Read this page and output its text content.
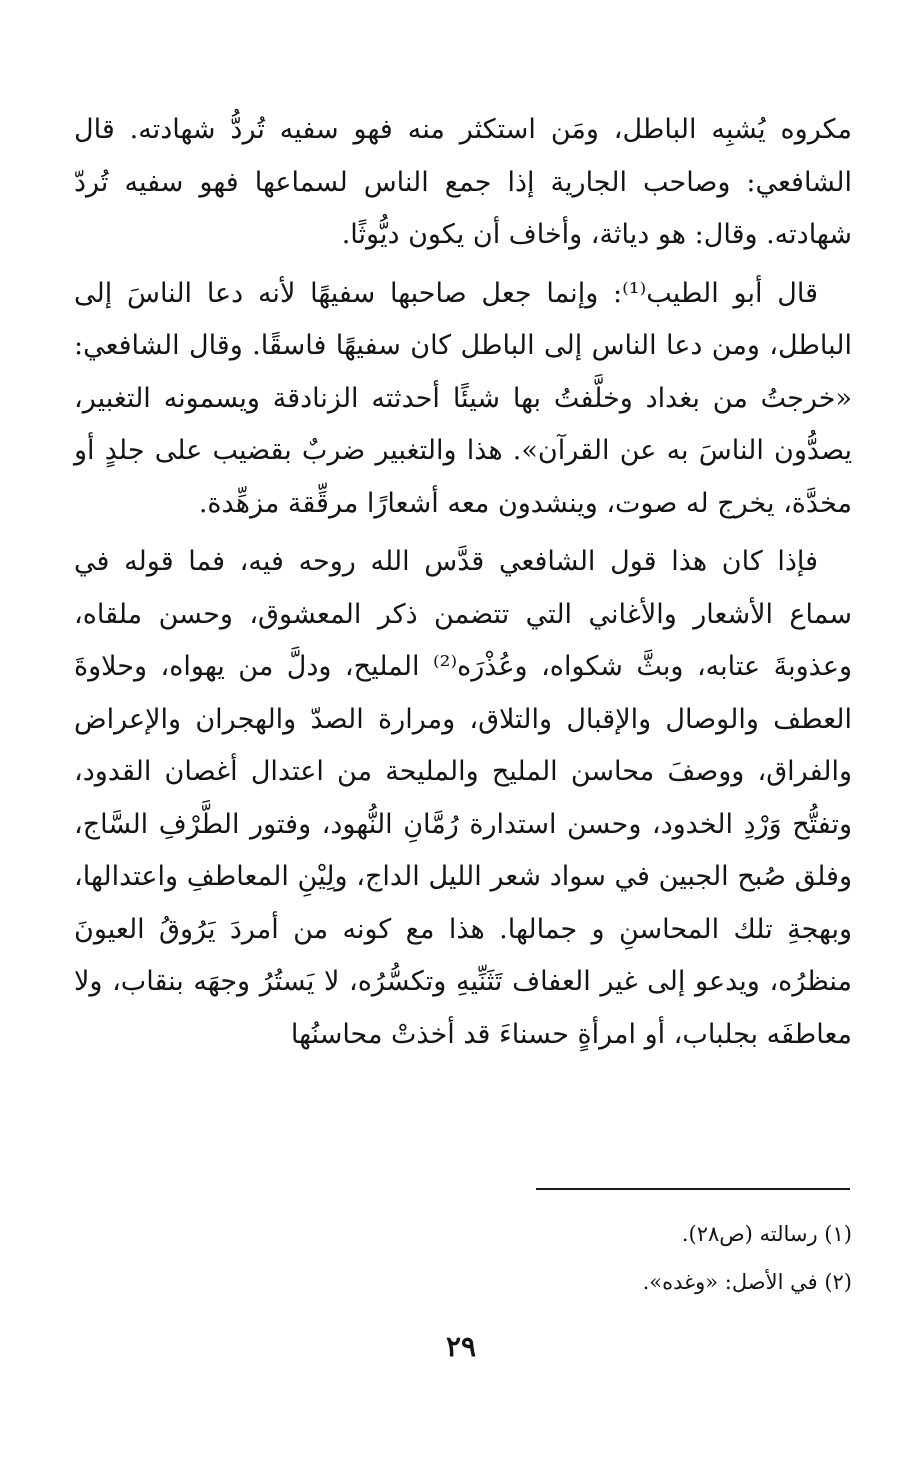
مكروه يُشبِه الباطل، ومَن استكثر منه فهو سفيه تُردُّ شهادته. قال الشافعي: وصاحب الجارية إذا جمع الناس لسماعها فهو سفيه تُردّ شهادته. وقال: هو دياثة، وأخاف أن يكون ديُّوثًا.

قال أبو الطيب⁽¹⁾: وإنما جعل صاحبها سفيهًا لأنه دعا الناسَ إلى الباطل، ومن دعا الناس إلى الباطل كان سفيهًا فاسقًا. وقال الشافعي: «خرجتُ من بغداد وخلَّفتُ بها شيئًا أحدثته الزنادقة ويسمونه التغبير، يصدُّون الناسَ به عن القرآن». هذا والتغبير ضربٌ بقضيب على جلدٍ أو مخدَّة، يخرج له صوت، وينشدون معه أشعارًا مرقِّقة مزهِّدة.

فإذا كان هذا قول الشافعي قدَّس الله روحه فيه، فما قوله في سماع الأشعار والأغاني التي تتضمن ذكر المعشوق، وحسن ملقاه، وعذوبةَ عتابه، وبثَّ شكواه، وعُذْرَه⁽²⁾ المليح، ودلَّ من يهواه، وحلاوةَ العطف والوصال والإقبال والتلاق، ومرارة الصدّ والهجران والإعراض والفراق، ووصفَ محاسن المليح والمليحة من اعتدال أغصان القدود، وتفتُّح وَرْدِ الخدود، وحسن استدارة رُمَّانِ النُّهود، وفتور الطَّرْفِ السَّاج، وفلق صُبح الجبين في سواد شعر الليل الداج، ولِيْنِ المعاطفِ واعتدالها، وبهجةِ تلك المحاسنِ و جمالها. هذا مع كونه من أمردَ يَرُوقُ العيونَ منظرُه، ويدعو إلى غير العفاف تَثَنِّيهِ وتكسُّرُه، لا يَستُرُ وجهَه بنقاب، ولا معاطفَه بجلباب، أو امرأةٍ حسناءَ قد أخذتْ محاسنُها

(١) رسالته (ص٢٨).

(٢) في الأصل: «وغده».

٢٩
